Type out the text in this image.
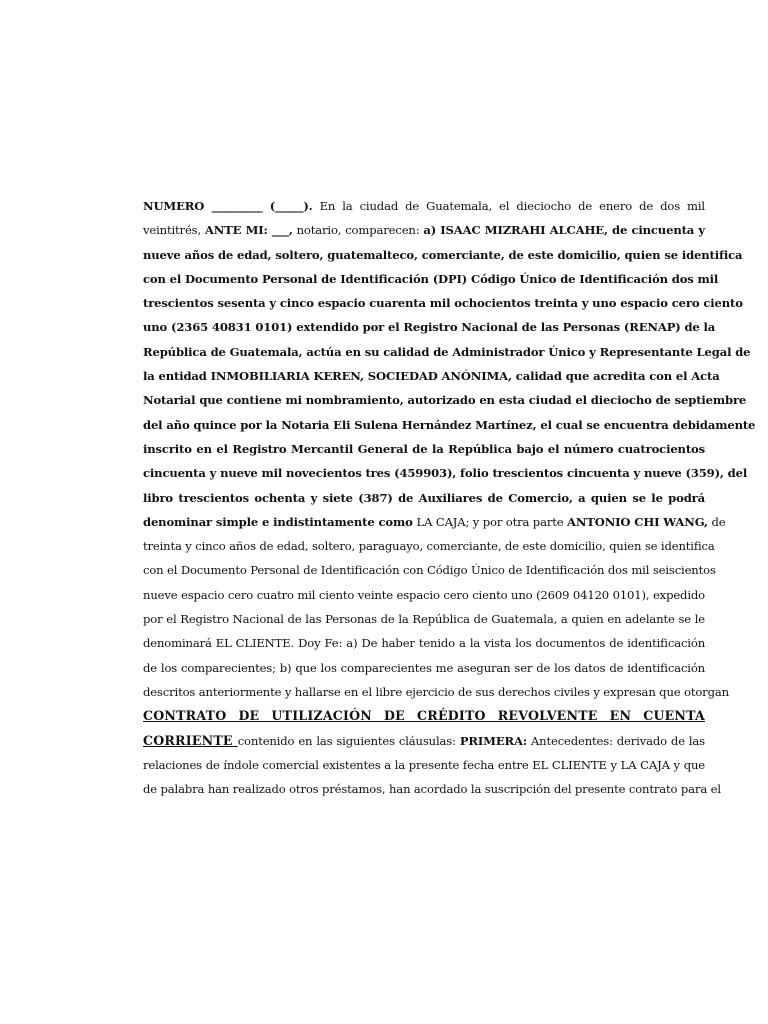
NUMERO _________ (_____). En la ciudad de Guatemala, el dieciocho de enero de dos mil
veintitrés, ANTE MI: ___, notario, comparecen: a) ISAAC MIZRAHI ALCAHE, de cincuenta y
nueve años de edad, soltero, guatemalteco, comerciante, de este domicilio, quien se identifica
con el Documento Personal de Identificación (DPI) Código Único de Identificación dos mil
trescientos sesenta y cinco espacio cuarenta mil ochocientos treinta y uno espacio cero ciento
uno (2365 40831 0101) extendido por el Registro Nacional de las Personas (RENAP) de la
República de Guatemala, actúa en su calidad de Administrador Único y Representante Legal de
la entidad INMOBILIARIA KEREN, SOCIEDAD ANÓNIMA, calidad que acredita con el Acta
Notarial que contiene mi nombramiento, autorizado en esta ciudad el dieciocho de septiembre
del año quince por la Notaria Eli Sulena Hernández Martínez, el cual se encuentra debidamente
inscrito en el Registro Mercantil General de la República bajo el número cuatrocientos
cincuenta y nueve mil novecientos tres (459903), folio trescientos cincuenta y nueve (359), del
libro trescientos ochenta y siete (387) de Auxiliares de Comercio, a quien se le podrá
denominar simple e indistintamente como LA CAJA; y por otra parte ANTONIO CHI WANG, de
treinta y cinco años de edad, soltero, paraguayo, comerciante, de este domicilio, quien se identifica
con el Documento Personal de Identificación con Código Único de Identificación dos mil seiscientos
nueve espacio cero cuatro mil ciento veinte espacio cero ciento uno (2609 04120 0101), expedido
por el Registro Nacional de las Personas de la República de Guatemala, a quien en adelante se le
denominará EL CLIENTE. Doy Fe: a) De haber tenido a la vista los documentos de identificación
de los comparecientes; b) que los comparecientes me aseguran ser de los datos de identificación
descritos anteriormente y hallarse en el libre ejercicio de sus derechos civiles y expresan que otorgan
CONTRATO DE UTILIZACIÓN DE CRÉDITO REVOLVENTE EN CUENTA
CORRIENTE contenido en las siguientes cláusulas: PRIMERA: Antecedentes: derivado de las
relaciones de índole comercial existentes a la presente fecha entre EL CLIENTE y LA CAJA y que
de palabra han realizado otros préstamos, han acordado la suscripción del presente contrato para el
